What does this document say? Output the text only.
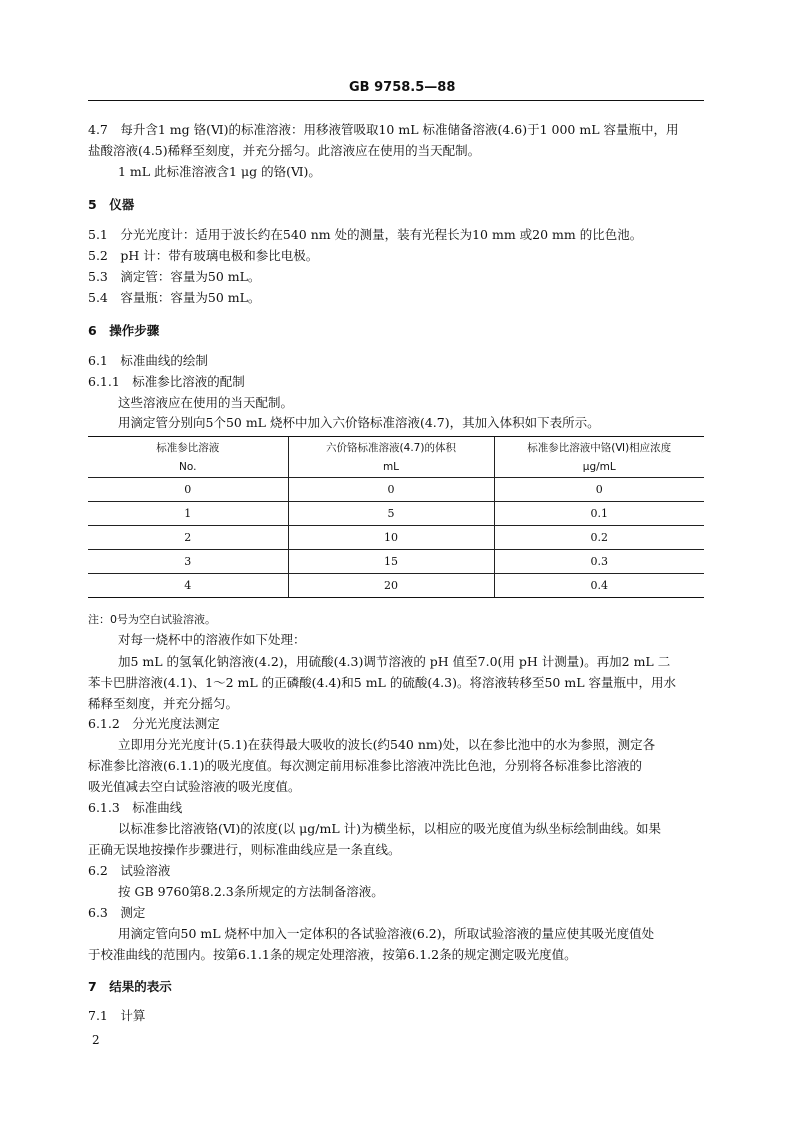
GB 9758.5—88
4.7　每升含1 mg 铬(Ⅵ)的标准溶液：用移液管吸取10 mL 标准储备溶液(4.6)于1 000 mL 容量瓶中，用
盐酸溶液(4.5)稀释至刻度，并充分摇匀。此溶液应在使用的当天配制。
1 mL 此标准溶液含1 μg 的铬(Ⅵ)。
5　仪器
5.1　分光光度计：适用于波长约在540 nm 处的测量，装有光程长为10 mm 或20 mm 的比色池。
5.2　pH 计：带有玻璃电极和参比电极。
5.3　滴定管：容量为50 mL。
5.4　容量瓶：容量为50 mL。
6　操作步骤
6.1　标准曲线的绘制
6.1.1　标准参比溶液的配制
这些溶液应在使用的当天配制。
用滴定管分别向5个50 mL 烧杯中加入六价铬标准溶液(4.7)，其加入体积如下表所示。
标准参比溶液	六价铬标准溶液(4.7)的体积	标准参比溶液中铬(Ⅵ)相应浓度
No.	mL	μg/mL
0	0	0
1	5	0.1
2	10	0.2
3	15	0.3
4	20	0.4
注：0号为空白试验溶液。
对每一烧杯中的溶液作如下处理：
加5 mL 的氢氧化钠溶液(4.2)，用硫酸(4.3)调节溶液的 pH 值至7.0(用 pH 计测量)。再加2 mL 二
苯卡巴肼溶液(4.1)、1～2 mL 的正磷酸(4.4)和5 mL 的硫酸(4.3)。将溶液转移至50 mL 容量瓶中，用水
稀释至刻度，并充分摇匀。
6.1.2　分光光度法测定
立即用分光光度计(5.1)在获得最大吸收的波长(约540 nm)处，以在参比池中的水为参照，测定各
标准参比溶液(6.1.1)的吸光度值。每次测定前用标准参比溶液冲洗比色池，分别将各标准参比溶液的
吸光值减去空白试验溶液的吸光度值。
6.1.3　标准曲线
以标准参比溶液铬(Ⅵ)的浓度(以 μg/mL 计)为横坐标，以相应的吸光度值为纵坐标绘制曲线。如果
正确无误地按操作步骤进行，则标准曲线应是一条直线。
6.2　试验溶液
按 GB 9760第8.2.3条所规定的方法制备溶液。
6.3　测定
用滴定管向50 mL 烧杯中加入一定体积的各试验溶液(6.2)，所取试验溶液的量应使其吸光度值处
于校准曲线的范围内。按第6.1.1条的规定处理溶液，按第6.1.2条的规定测定吸光度值。
7　结果的表示
7.1　计算
2
